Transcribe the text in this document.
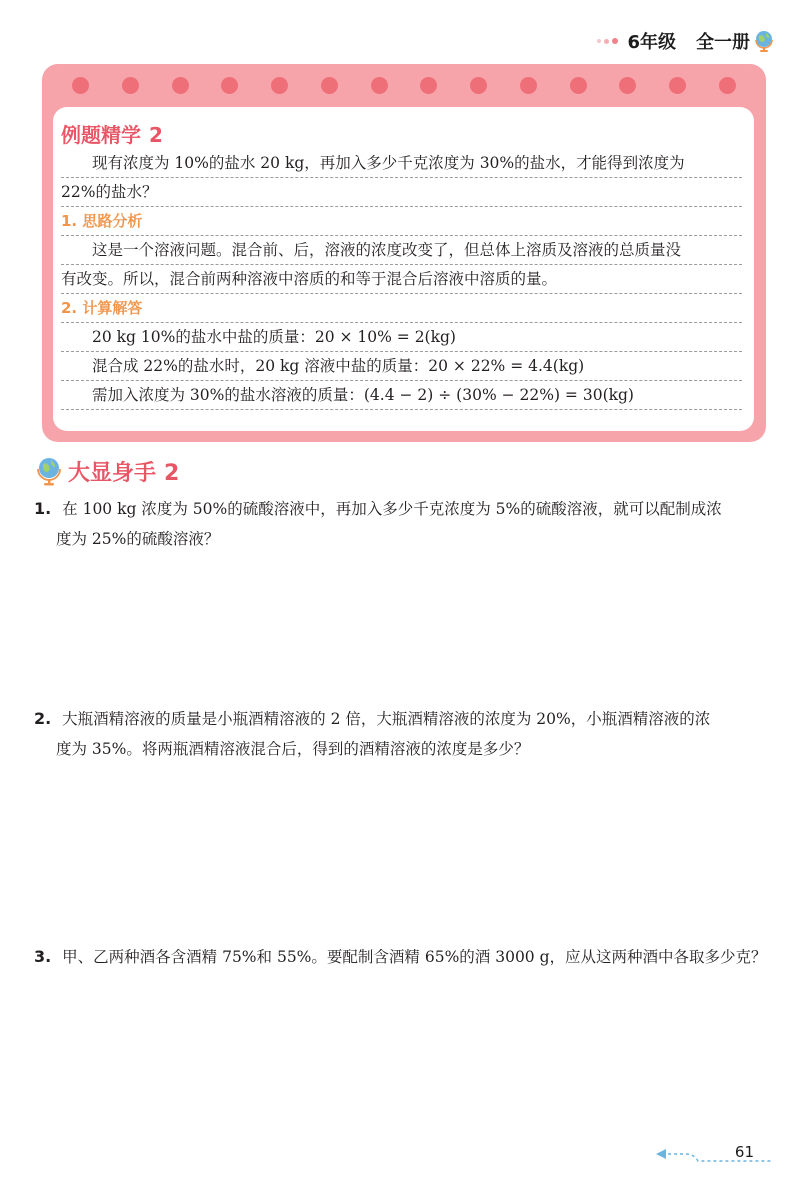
6年级 全一册
例题精学 2
现有浓度为 10%的盐水 20 kg，再加入多少千克浓度为 30%的盐水，才能得到浓度为
22%的盐水？
1. 思路分析
这是一个溶液问题。混合前、后，溶液的浓度改变了，但总体上溶质及溶液的总质量没
有改变。所以，混合前两种溶液中溶质的和等于混合后溶液中溶质的量。
2. 计算解答
20 kg 10%的盐水中盐的质量：20 × 10% = 2(kg)
混合成 22%的盐水时，20 kg 溶液中盐的质量：20 × 22% = 4.4(kg)
需加入浓度为 30%的盐水溶液的质量：(4.4 − 2) ÷ (30% − 22%) = 30(kg)
大显身手 2
1. 在 100 kg 浓度为 50%的硫酸溶液中，再加入多少千克浓度为 5%的硫酸溶液，就可以配制成浓
度为 25%的硫酸溶液？
2. 大瓶酒精溶液的质量是小瓶酒精溶液的 2 倍，大瓶酒精溶液的浓度为 20%，小瓶酒精溶液的浓
度为 35%。将两瓶酒精溶液混合后，得到的酒精溶液的浓度是多少？
3. 甲、乙两种酒各含酒精 75%和 55%。要配制含酒精 65%的酒 3000 g，应从这两种酒中各取多少克？
61
